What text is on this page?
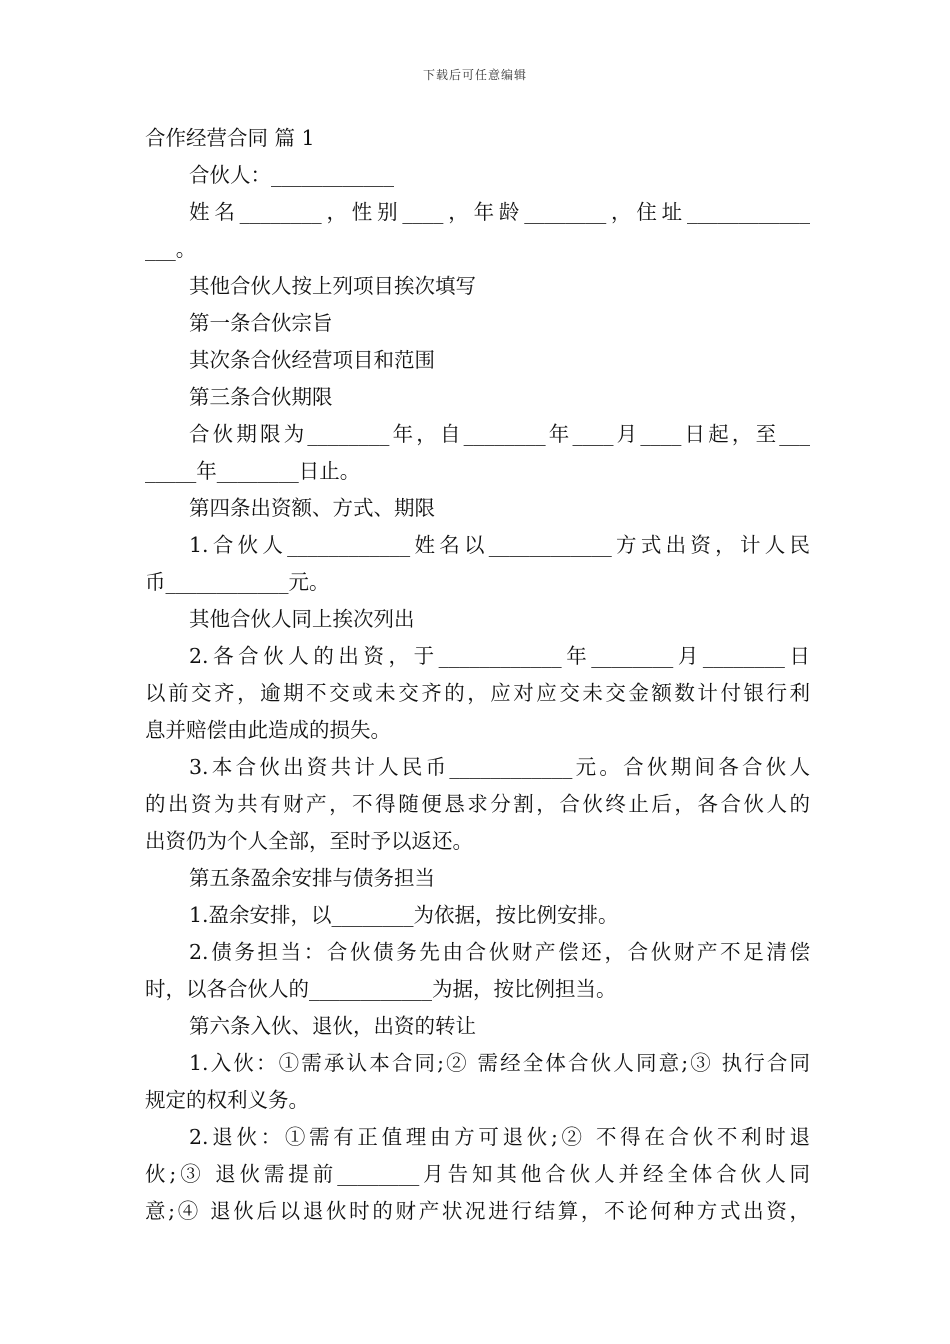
下载后可任意编辑
合作经营合同 篇 1
合伙人：____________
姓名________，性别____，年龄________，住址____________
___。
其他合伙人按上列项目挨次填写
第一条合伙宗旨
其次条合伙经营项目和范围
第三条合伙期限
合伙期限为________年，自________年____月____日起，至___
_____年________日止。
第四条出资额、方式、期限
1.合伙人____________姓名以____________方式出资，计人民
币____________元。
其他合伙人同上挨次列出
2.各合伙人的出资，于____________年________月________日
以前交齐，逾期不交或未交齐的，应对应交未交金额数计付银行利
息并赔偿由此造成的损失。
3.本合伙出资共计人民币____________元。合伙期间各合伙人
的出资为共有财产，不得随便恳求分割，合伙终止后，各合伙人的
出资仍为个人全部，至时予以返还。
第五条盈余安排与债务担当
1.盈余安排，以________为依据，按比例安排。
2.债务担当：合伙债务先由合伙财产偿还，合伙财产不足清偿
时，以各合伙人的____________为据，按比例担当。
第六条入伙、退伙，出资的转让
1.入伙：①需承认本合同;② 需经全体合伙人同意;③ 执行合同
规定的权利义务。
2.退伙：①需有正值理由方可退伙;② 不得在合伙不利时退
伙;③ 退伙需提前________月告知其他合伙人并经全体合伙人同
意;④ 退伙后以退伙时的财产状况进行结算，不论何种方式出资，
